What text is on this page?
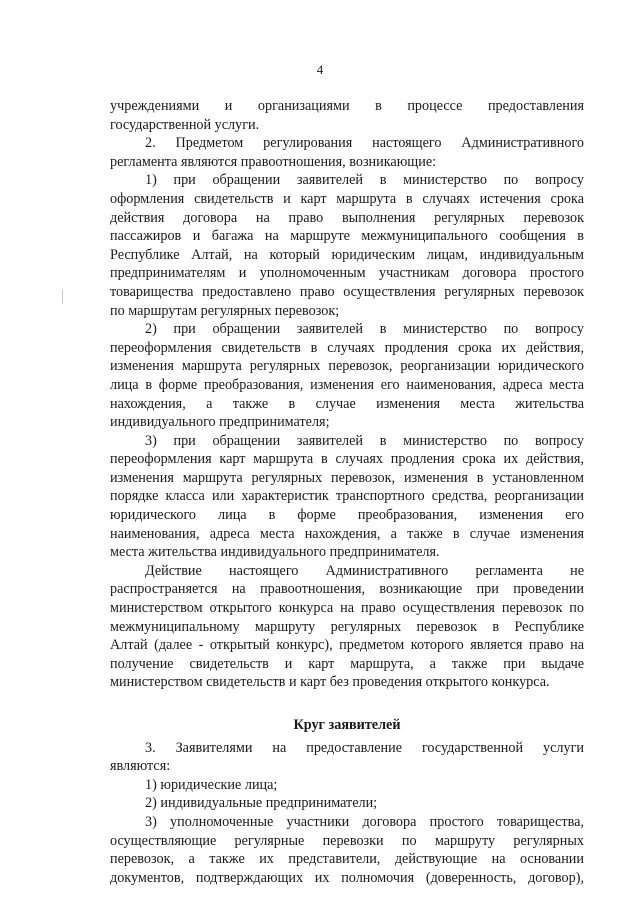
4

учреждениями и организациями в процессе предоставления

государственной услуги.

2. Предметом регулирования настоящего Административного

регламента являются правоотношения, возникающие:

1) при обращении заявителей в министерство по вопросу

оформления свидетельств и карт маршрута в случаях истечения срока

действия договора на право выполнения регулярных перевозок

пассажиров и багажа на маршруте межмуниципального сообщения в

Республике Алтай, на который юридическим лицам, индивидуальным

предпринимателям и уполномоченным участникам договора простого

товарищества предоставлено право осуществления регулярных перевозок

по маршрутам регулярных перевозок;

2) при обращении заявителей в министерство по вопросу

переоформления свидетельств в случаях продления срока их действия,

изменения маршрута регулярных перевозок, реорганизации юридического

лица в форме преобразования, изменения его наименования, адреса места

нахождения, а также в случае изменения места жительства

индивидуального предпринимателя;

3) при обращении заявителей в министерство по вопросу

переоформления карт маршрута в случаях продления срока их действия,

изменения маршрута регулярных перевозок, изменения в установленном

порядке класса или характеристик транспортного средства, реорганизации

юридического лица в форме преобразования, изменения его

наименования, адреса места нахождения, а также в случае изменения

места жительства индивидуального предпринимателя.

Действие настоящего Административного регламента не

распространяется на правоотношения, возникающие при проведении

министерством открытого конкурса на право осуществления перевозок по

межмуниципальному маршруту регулярных перевозок в Республике

Алтай (далее - открытый конкурс), предметом которого является право на

получение свидетельств и карт маршрута, а также при выдаче

министерством свидетельств и карт без проведения открытого конкурса.

Круг заявителей

3. Заявителями на предоставление государственной услуги

являются:

1) юридические лица;

2) индивидуальные предприниматели;

3) уполномоченные участники договора простого товарищества,

осуществляющие регулярные перевозки по маршруту регулярных

перевозок, а также их представители, действующие на основании

документов, подтверждающих их полномочия (доверенность, договор),
